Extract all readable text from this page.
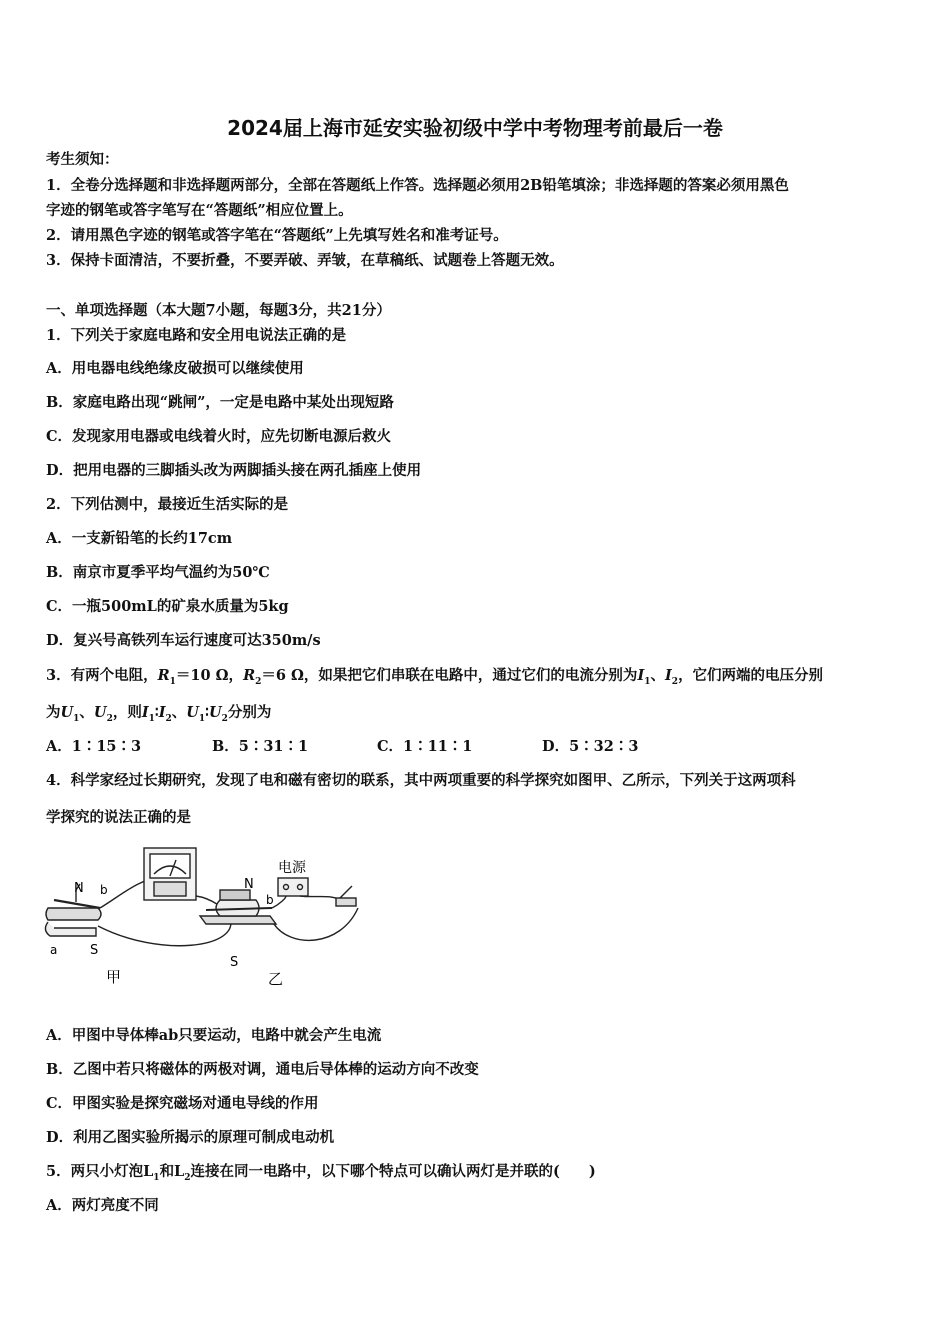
2024届上海市延安实验初级中学中考物理考前最后一卷
考生须知：
1．全卷分选择题和非选择题两部分，全部在答题纸上作答。选择题必须用2B铅笔填涂；非选择题的答案必须用黑色
字迹的钢笔或答字笔写在“答题纸”相应位置上。
2．请用黑色字迹的钢笔或答字笔在“答题纸”上先填写姓名和准考证号。
3．保持卡面清洁，不要折叠，不要弄破、弄皱，在草稿纸、试题卷上答题无效。
一、单项选择题（本大题7小题，每题3分，共21分）
1．下列关于家庭电路和安全用电说法正确的是
A．用电器电线绝缘皮破损可以继续使用
B．家庭电路出现“跳闸”，一定是电路中某处出现短路
C．发现家用电器或电线着火时，应先切断电源后救火
D．把用电器的三脚插头改为两脚插头接在两孔插座上使用
2．下列估测中，最接近生活实际的是
A．一支新铅笔的长约17cm
B．南京市夏季平均气温约为50℃
C．一瓶500mL的矿泉水质量为5kg
D．复兴号高铁列车运行速度可达350m/s
3．有两个电阻，$R_1=10$ Ω，$R_2=6$ Ω，如果把它们串联在电路中，通过它们的电流分别为$I_1$、$I_2$，它们两端的电压分别
为$U_1$、$U_2$，则$I_1∶I_2$、$U_1∶U_2$分别为
A．1∶15∶3	B．5∶31∶1	C．1∶11∶1	D．5∶32∶3
4．科学家经过长期研究，发现了电和磁有密切的联系，其中两项重要的科学探究如图甲、乙所示，下列关于这两项科
学探究的说法正确的是
N b
a	S
甲
电源
N
b
S
乙
A．甲图中导体棒ab只要运动，电路中就会产生电流
B．乙图中若只将磁体的两极对调，通电后导体棒的运动方向不改变
C．甲图实验是探究磁场对通电导线的作用
D．利用乙图实验所揭示的原理可制成电动机
5．两只小灯泡$L_1$和$L_2$连接在同一电路中，以下哪个特点可以确认两灯是并联的(　　)
A．两灯亮度不同
